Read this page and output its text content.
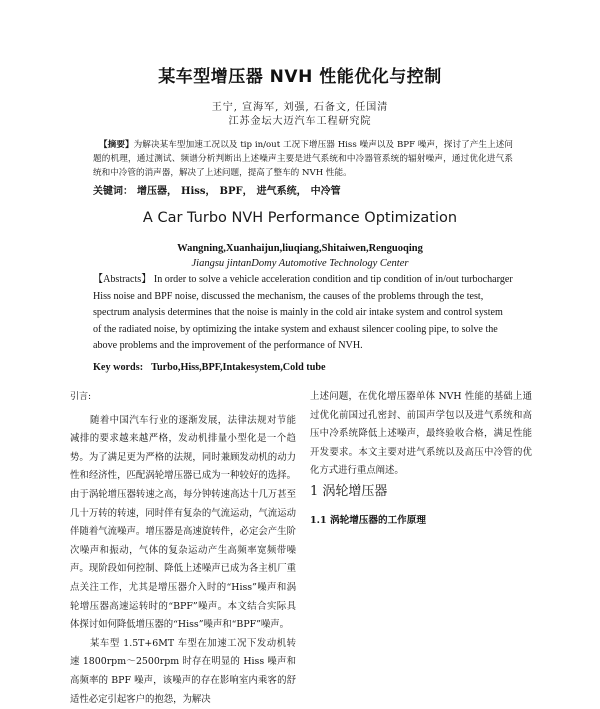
某车型增压器 NVH 性能优化与控制
王宁, 宣海军, 刘强, 石备文, 任国清
江苏金坛大迈汽车工程研究院
【摘要】为解决某车型加速工况以及 tip in/out 工况下增压器 Hiss 噪声以及 BPF 噪声，探讨了产生上述问题的机理，通过测试、频谱分析判断出上述噪声主要是进气系统和中冷器管系统的辐射噪声，通过优化进气系统和中冷管的消声器，解决了上述问题，提高了整车的 NVH 性能。
关键词： 增压器， Hiss， BPF， 进气系统， 中冷管
A Car Turbo NVH Performance Optimization
Wangning,Xuanhaijun,liuqiang,Shitaiwen,Renguoqing
Jiangsu jintanDomy Automotive Technology Center
【Abstracts】 In order to solve a vehicle acceleration condition and tip condition of in/out turbocharger Hiss noise and BPF noise, discussed the mechanism, the causes of the problems through the test, spectrum analysis determines that the noise is mainly in the cold air intake system and control system of the radiated noise, by optimizing the intake system and exhaust silencer cooling pipe, to solve the above problems and the improvement of the performance of NVH.
Key words: Turbo,Hiss,BPF,Intakesystem,Cold tube
引言:

随着中国汽车行业的逐渐发展，法律法规对节能减排的要求越来越严格，发动机排量小型化是一个趋势。为了满足更为严格的法规，同时兼顾发动机的动力性和经济性，匹配涡轮增压器已成为一种较好的选择。由于涡轮增压器转速之高，每分钟转速高达十几万甚至几十万转的转速，同时伴有复杂的气流运动，气流运动伴随着气流噪声。增压器是高速旋转件，必定会产生阶次噪声和振动，气体的复杂运动产生高频率宽频带噪声。现阶段如何控制、降低上述噪声已成为各主机厂重点关注工作，尤其是增压器介入时的“Hiss”噪声和涡轮增压器高速运转时的“BPF”噪声。本文结合实际具体探讨如何降低增压器的“Hiss”噪声和“BPF”噪声。

某车型 1.5T+6MT 车型在加速工况下发动机转速 1800rpm～2500rpm 时存在明显的 Hiss 噪声和高频率的 BPF 噪声，该噪声的存在影响室内乘客的舒适性必定引起客户的抱怨，为解决

上述问题，在优化增压器单体 NVH 性能的基础上通过优化前国过孔密封、前国声学包以及进气系统和高压中冷系统降低上述噪声，最终验收合格，满足性能开发要求。本文主要对进气系统以及高压中冷管的优化方式进行重点阐述。

1 涡轮增压器
1.1 涡轮增压器的工作原理
